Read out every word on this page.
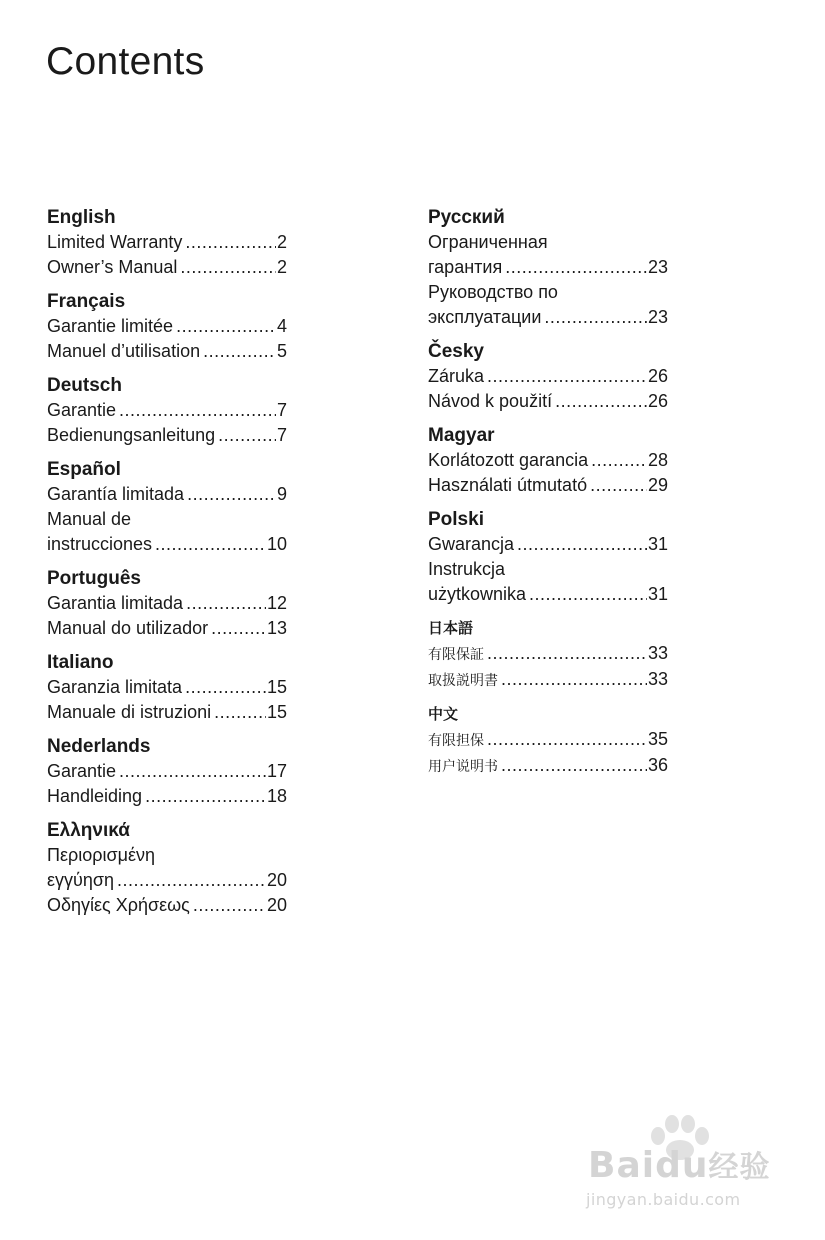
Contents
English
Limited Warranty .....	2
Owner’s Manual .....	2
Français
Garantie limitée .....	4
Manuel d’utilisation .....	5
Deutsch
Garantie .....	7
Bedienungsanleitung .....	7
Español
Garantía limitada .....	9
Manual de
instrucciones .....	10
Português
Garantia limitada .....	12
Manual do utilizador .....	13
Italiano
Garanzia limitata .....	15
Manuale di istruzioni .....	15
Nederlands
Garantie .....	17
Handleiding .....	18
Ελληνικά
Περιορισμένη
εγγύηση .....	20
Οδηγίες Χρήσεως .....	20
Русский
Ограниченная
гарантия .....	23
Руководство по
эксплуатации .....	23
Česky
Záruka .....	26
Návod k použití .....	26
Magyar
Korlátozott garancia .....	28
Használati útmutató .....	29
Polski
Gwarancja .....	31
Instrukcja
użytkownika .....	31
日本語
有限保証 .....	33
取扱説明書 .....	33
中文
有限担保 .....	35
用户说明书 .....	36
Baidu经验
jingyan.baidu.com
